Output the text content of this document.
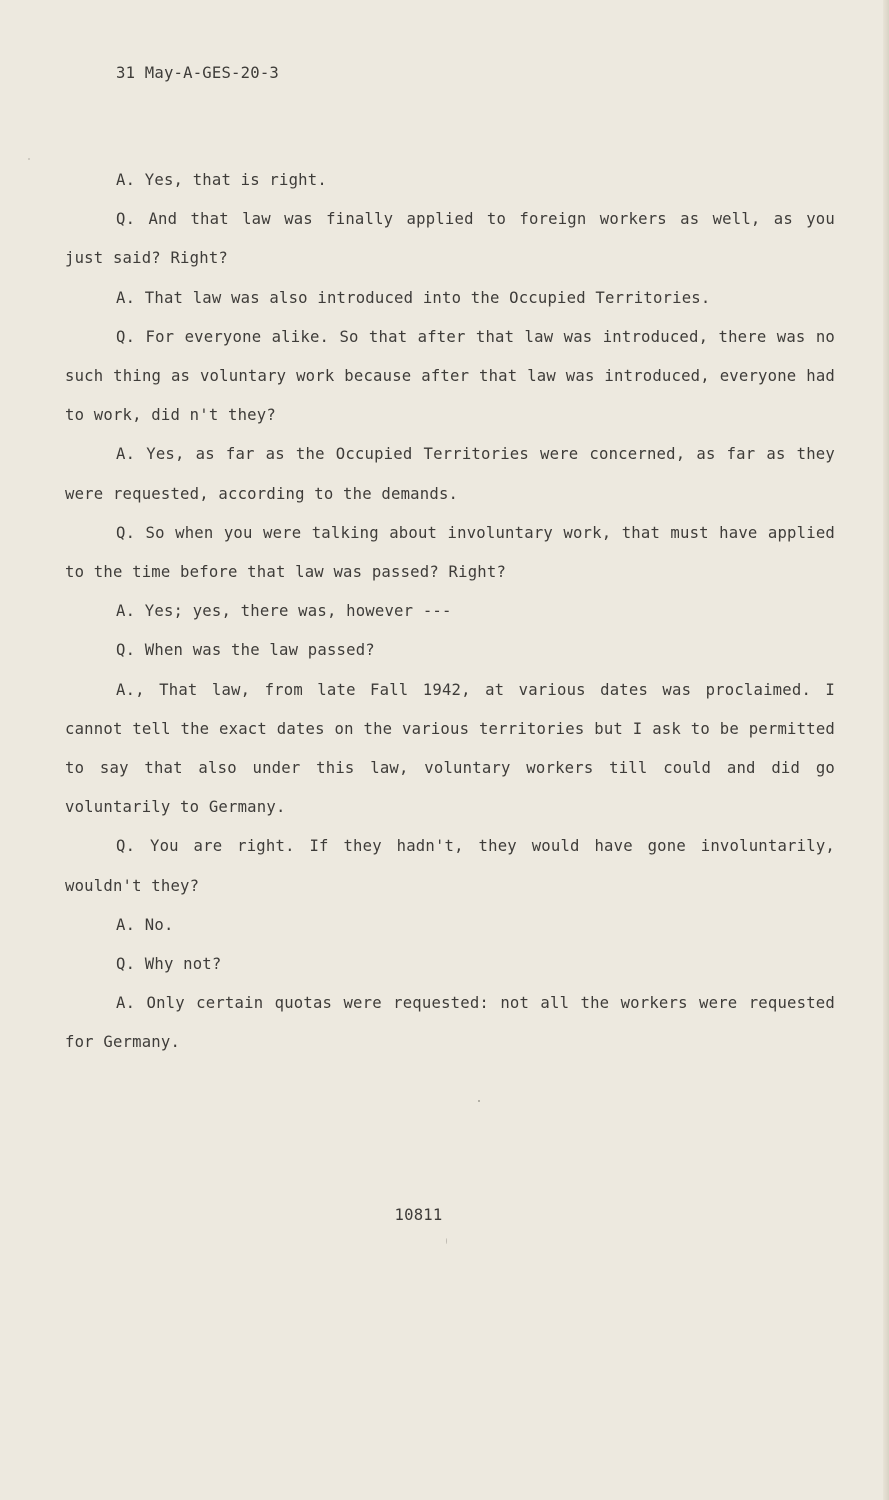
31 May-A-GES-20-3

A. Yes, that is right.

Q. And that law was finally applied to foreign workers as well, as you just said? Right?

A. That law was also introduced into the Occupied Territories.

Q. For everyone alike. So that after that law was introduced, there was no such thing as voluntary work because after that law was introduced, everyone had to work, did n't they?

A. Yes, as far as the Occupied Territories were concerned, as far as they were requested, according to the demands.

Q. So when you were talking about involuntary work, that must have applied to the time before that law was passed? Right?

A. Yes; yes, there was, however ---

Q. When was the law passed?

A., That law, from late Fall 1942, at various dates was proclaimed. I cannot tell the exact dates on the various territories but I ask to be permitted to say that also under this law, voluntary workers till could and did go voluntarily to Germany.

Q. You are right. If they hadn't, they would have gone involuntarily, wouldn't they?

A. No.

Q. Why not?

A. Only certain quotas were requested: not all the workers were requested for Germany.

10811
